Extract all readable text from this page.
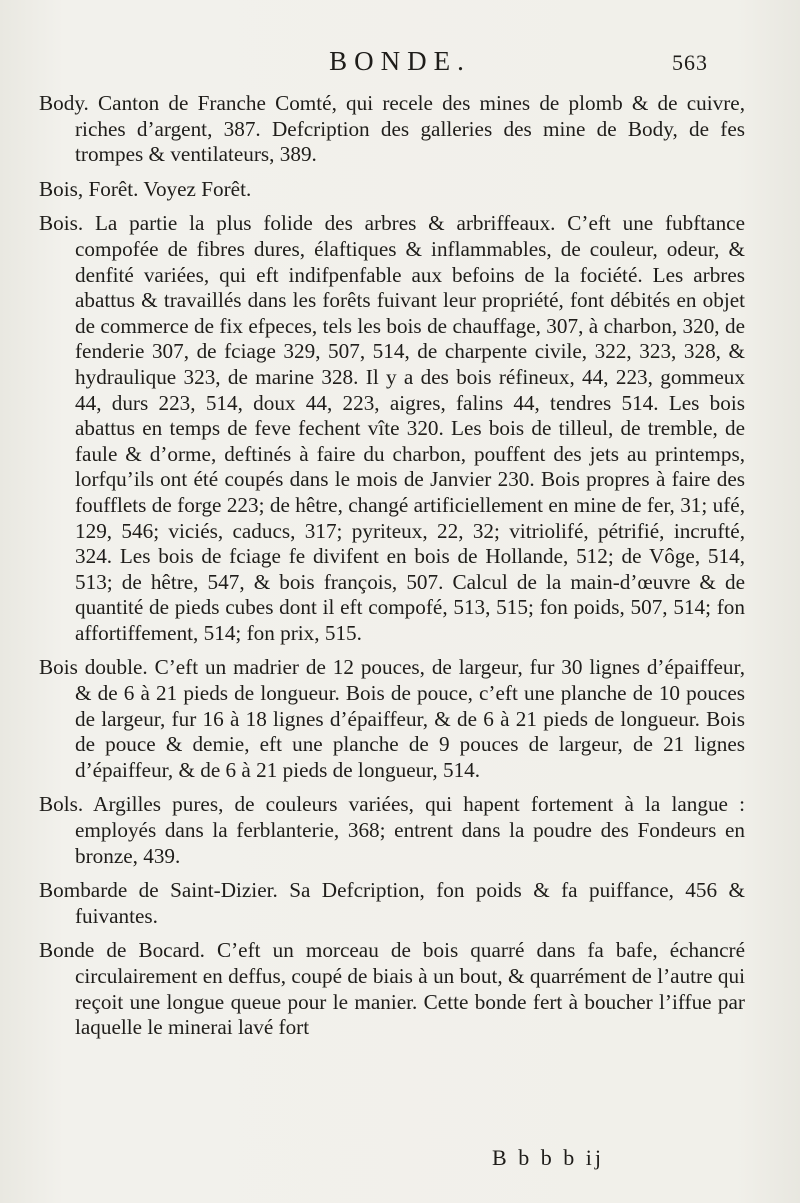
BONDE.	563

Body. Canton de Franche Comté, qui recele des mines de plomb & de cuivre, riches d’argent, 387. Defcription des galleries des mine de Body, de fes trompes & ventilateurs, 389.

Bois, Forêt. Voyez Forêt.

Bois. La partie la plus folide des arbres & arbriffeaux. C’eft une fubftance compofée de fibres dures, élaftiques & inflammables, de couleur, odeur, & denfité variées, qui eft indifpenfable aux befoins de la fociété. Les arbres abattus & travaillés dans les forêts fuivant leur propriété, font débités en objet de commerce de fix efpeces, tels les bois de chauffage, 307, à charbon, 320, de fenderie 307, de fciage 329, 507, 514, de charpente civile, 322, 323, 328, & hydraulique 323, de marine 328. Il y a des bois réfineux, 44, 223, gommeux 44, durs 223, 514, doux 44, 223, aigres, falins 44, tendres 514. Les bois abattus en temps de feve fechent vîte 320. Les bois de tilleul, de tremble, de faule & d’orme, deftinés à faire du charbon, pouffent des jets au printemps, lorfqu’ils ont été coupés dans le mois de Janvier 230. Bois propres à faire des foufflets de forge 223; de hêtre, changé artificiellement en mine de fer, 31; ufé, 129, 546; viciés, caducs, 317; pyriteux, 22, 32; vitriolifé, pétrifié, incrufté, 324. Les bois de fciage fe divifent en bois de Hollande, 512; de Vôge, 514, 513; de hêtre, 547, & bois françois, 507. Calcul de la main-d’œuvre & de quantité de pieds cubes dont il eft compofé, 513, 515; fon poids, 507, 514; fon affortiffement, 514; fon prix, 515.

Bois double. C’eft un madrier de 12 pouces, de largeur, fur 30 lignes d’épaiffeur, & de 6 à 21 pieds de longueur. Bois de pouce, c’eft une planche de 10 pouces de largeur, fur 16 à 18 lignes d’épaiffeur, & de 6 à 21 pieds de longueur. Bois de pouce & demie, eft une planche de 9 pouces de largeur, de 21 lignes d’épaiffeur, & de 6 à 21 pieds de longueur, 514.

Bols. Argilles pures, de couleurs variées, qui hapent fortement à la langue : employés dans la ferblanterie, 368; entrent dans la poudre des Fondeurs en bronze, 439.

Bombarde de Saint-Dizier. Sa Defcription, fon poids & fa puiffance, 456 & fuivantes.

Bonde de Bocard. C’eft un morceau de bois quarré dans fa bafe, échancré circulairement en deffus, coupé de biais à un bout, & quarrément de l’autre qui reçoit une longue queue pour le manier. Cette bonde fert à boucher l’iffue par laquelle le minerai lavé fort

B b b b ij
